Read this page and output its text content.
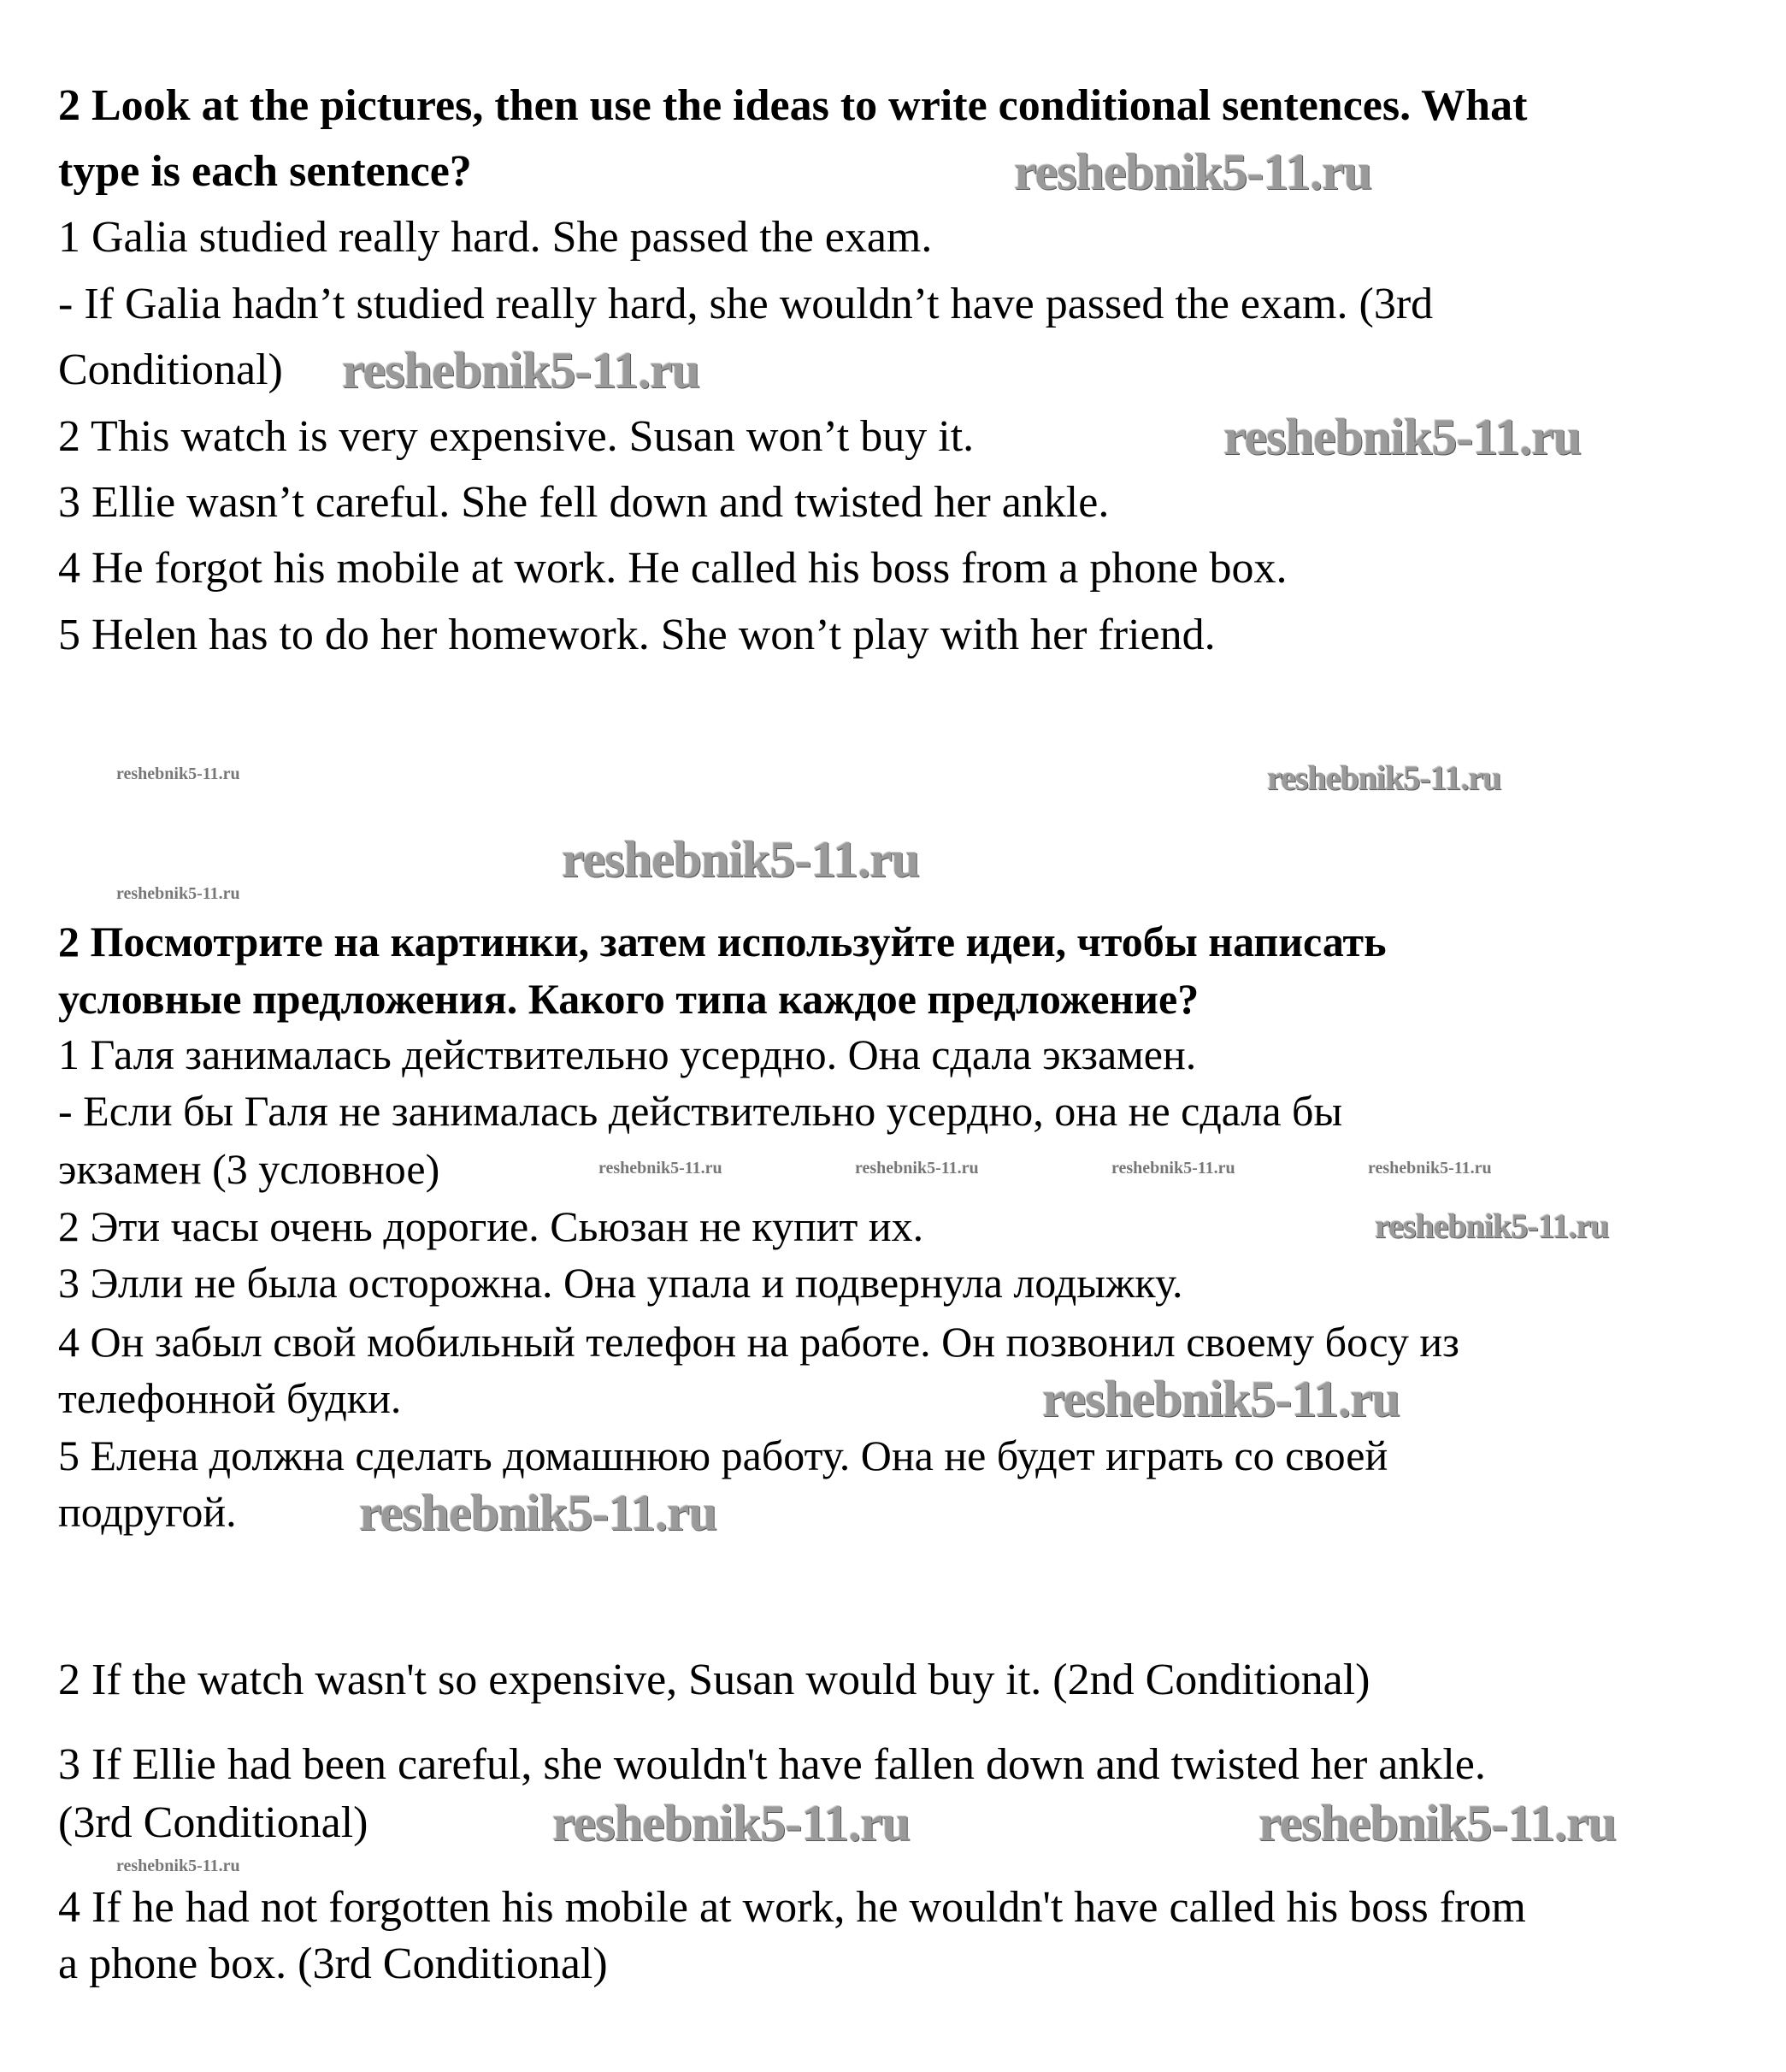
2 Look at the pictures, then use the ideas to write conditional sentences. What
type is each sentence?
1 Galia studied really hard. She passed the exam.
- If Galia hadn’t studied really hard, she wouldn’t have passed the exam. (3rd
Conditional)
2 This watch is very expensive. Susan won’t buy it.
3 Ellie wasn’t careful. She fell down and twisted her ankle.
4 He forgot his mobile at work. He called his boss from a phone box.
5 Helen has to do her homework. She won’t play with her friend.
2 Посмотрите на картинки, затем используйте идеи, чтобы написать
условные предложения. Какого типа каждое предложение?
1 Галя занималась действительно усердно. Она сдала экзамен.
- Если бы Галя не занималась действительно усердно, она не сдала бы
экзамен (3 условное)
2 Эти часы очень дорогие. Сьюзан не купит их.
3 Элли не была осторожна. Она упала и подвернула лодыжку.
4 Он забыл свой мобильный телефон на работе. Он позвонил своему босу из
телефонной будки.
5 Елена должна сделать домашнюю работу. Она не будет играть со своей
подругой.
2 If the watch wasn't so expensive, Susan would buy it. (2nd Conditional)
3 If Ellie had been careful, she wouldn't have fallen down and twisted her ankle.
(3rd Conditional)
4 If he had not forgotten his mobile at work, he wouldn't have called his boss from
a phone box. (3rd Conditional)
reshebnik5-11.ru
reshebnik5-11.ru
reshebnik5-11.ru
reshebnik5-11.ru	reshebnik5-11.ru
reshebnik5-11.ru
reshebnik5-11.ru
reshebnik5-11.ru
reshebnik5-11.ru	reshebnik5-11.ru	reshebnik5-11.ru	reshebnik5-11.ru
reshebnik5-11.ru
reshebnik5-11.ru
reshebnik5-11.ru	reshebnik5-11.ru
reshebnik5-11.ru
